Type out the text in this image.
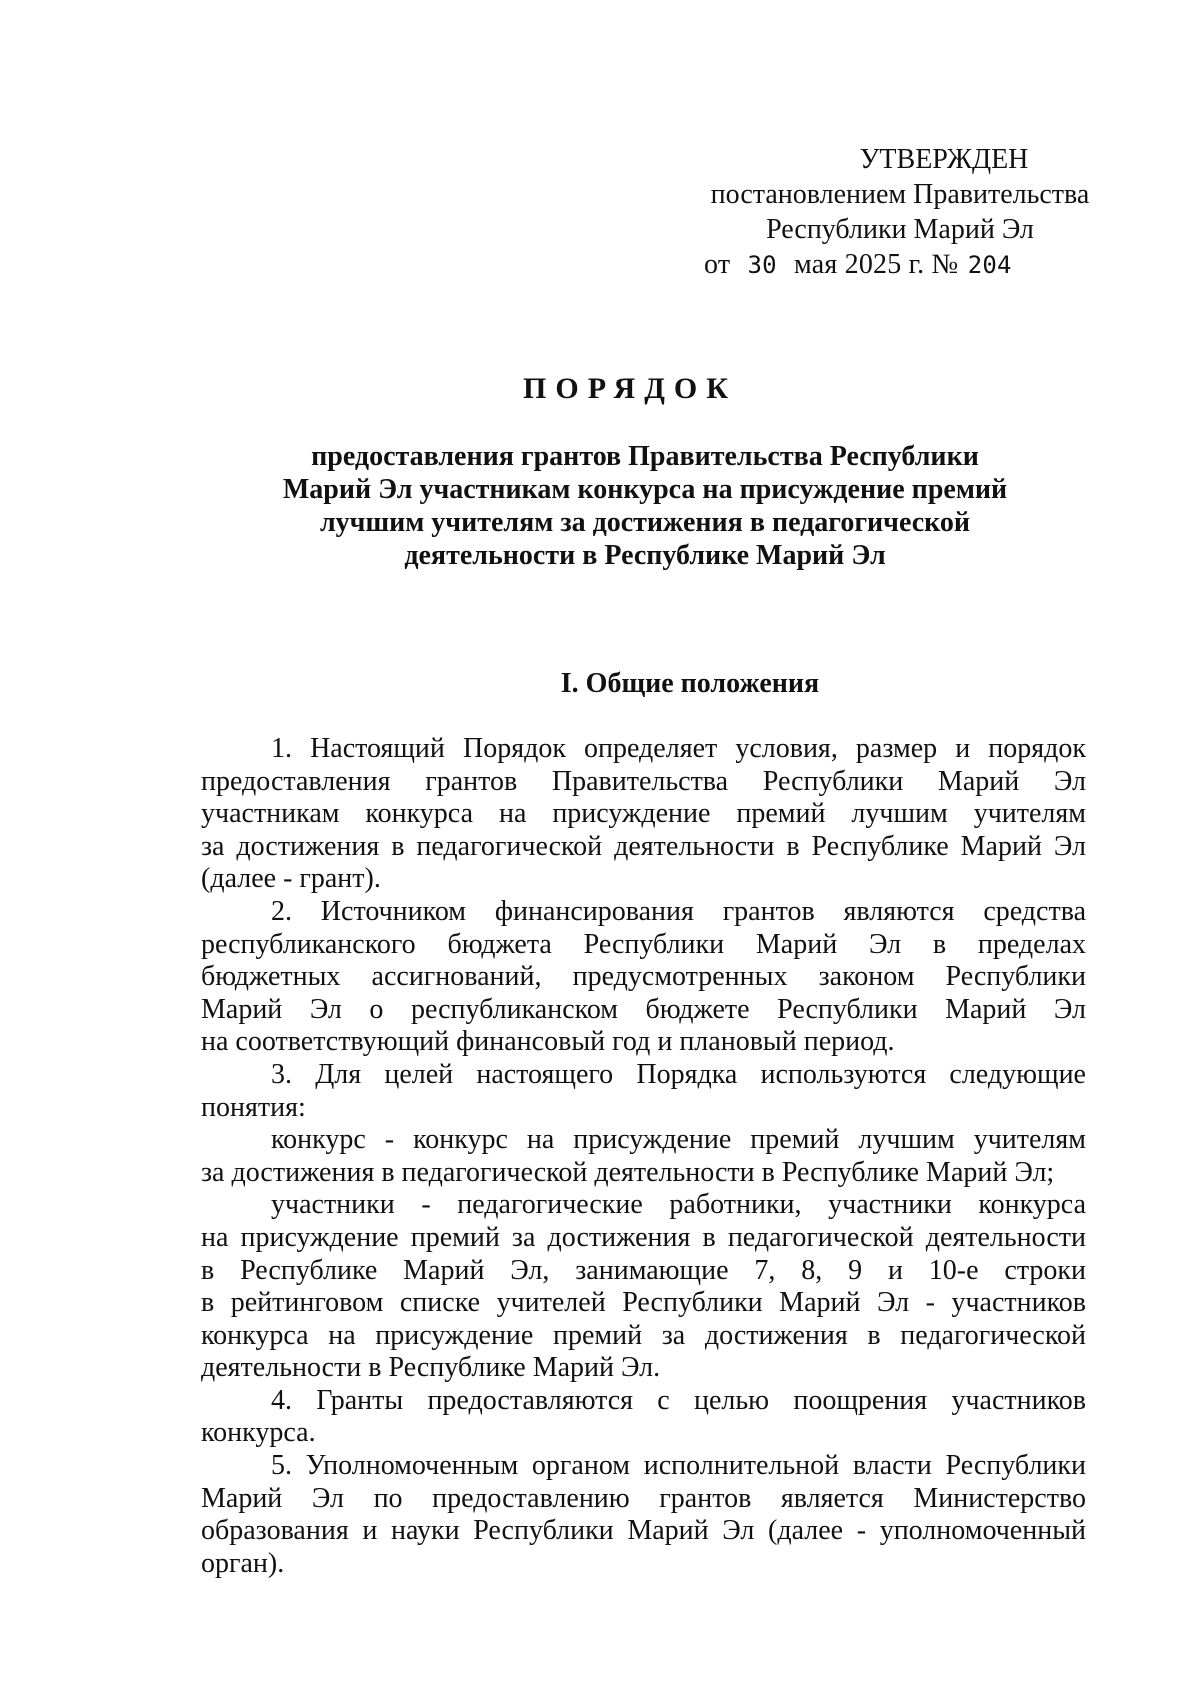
УТВЕРЖДЕН
постановлением Правительства
Республики Марий Эл
от 30 мая 2025 г. № 204
ПОРЯДОК
предоставления грантов Правительства Республики
Марий Эл участникам конкурса на присуждение премий
лучшим учителям за достижения в педагогической
деятельности в Республике Марий Эл
I. Общие положения
1. Настоящий Порядок определяет условия, размер и порядок
предоставления грантов Правительства Республики Марий Эл
участникам конкурса на присуждение премий лучшим учителям
за достижения в педагогической деятельности в Республике Марий Эл
(далее - грант).
2. Источником финансирования грантов являются средства
республиканского бюджета Республики Марий Эл в пределах
бюджетных ассигнований, предусмотренных законом Республики
Марий Эл о республиканском бюджете Республики Марий Эл
на соответствующий финансовый год и плановый период.
3. Для целей настоящего Порядка используются следующие
понятия:
конкурс - конкурс на присуждение премий лучшим учителям
за достижения в педагогической деятельности в Республике Марий Эл;
участники - педагогические работники, участники конкурса
на присуждение премий за достижения в педагогической деятельности
в Республике Марий Эл, занимающие 7, 8, 9 и 10-е строки
в рейтинговом списке учителей Республики Марий Эл - участников
конкурса на присуждение премий за достижения в педагогической
деятельности в Республике Марий Эл.
4. Гранты предоставляются с целью поощрения участников
конкурса.
5. Уполномоченным органом исполнительной власти Республики
Марий Эл по предоставлению грантов является Министерство
образования и науки Республики Марий Эл (далее - уполномоченный
орган).
